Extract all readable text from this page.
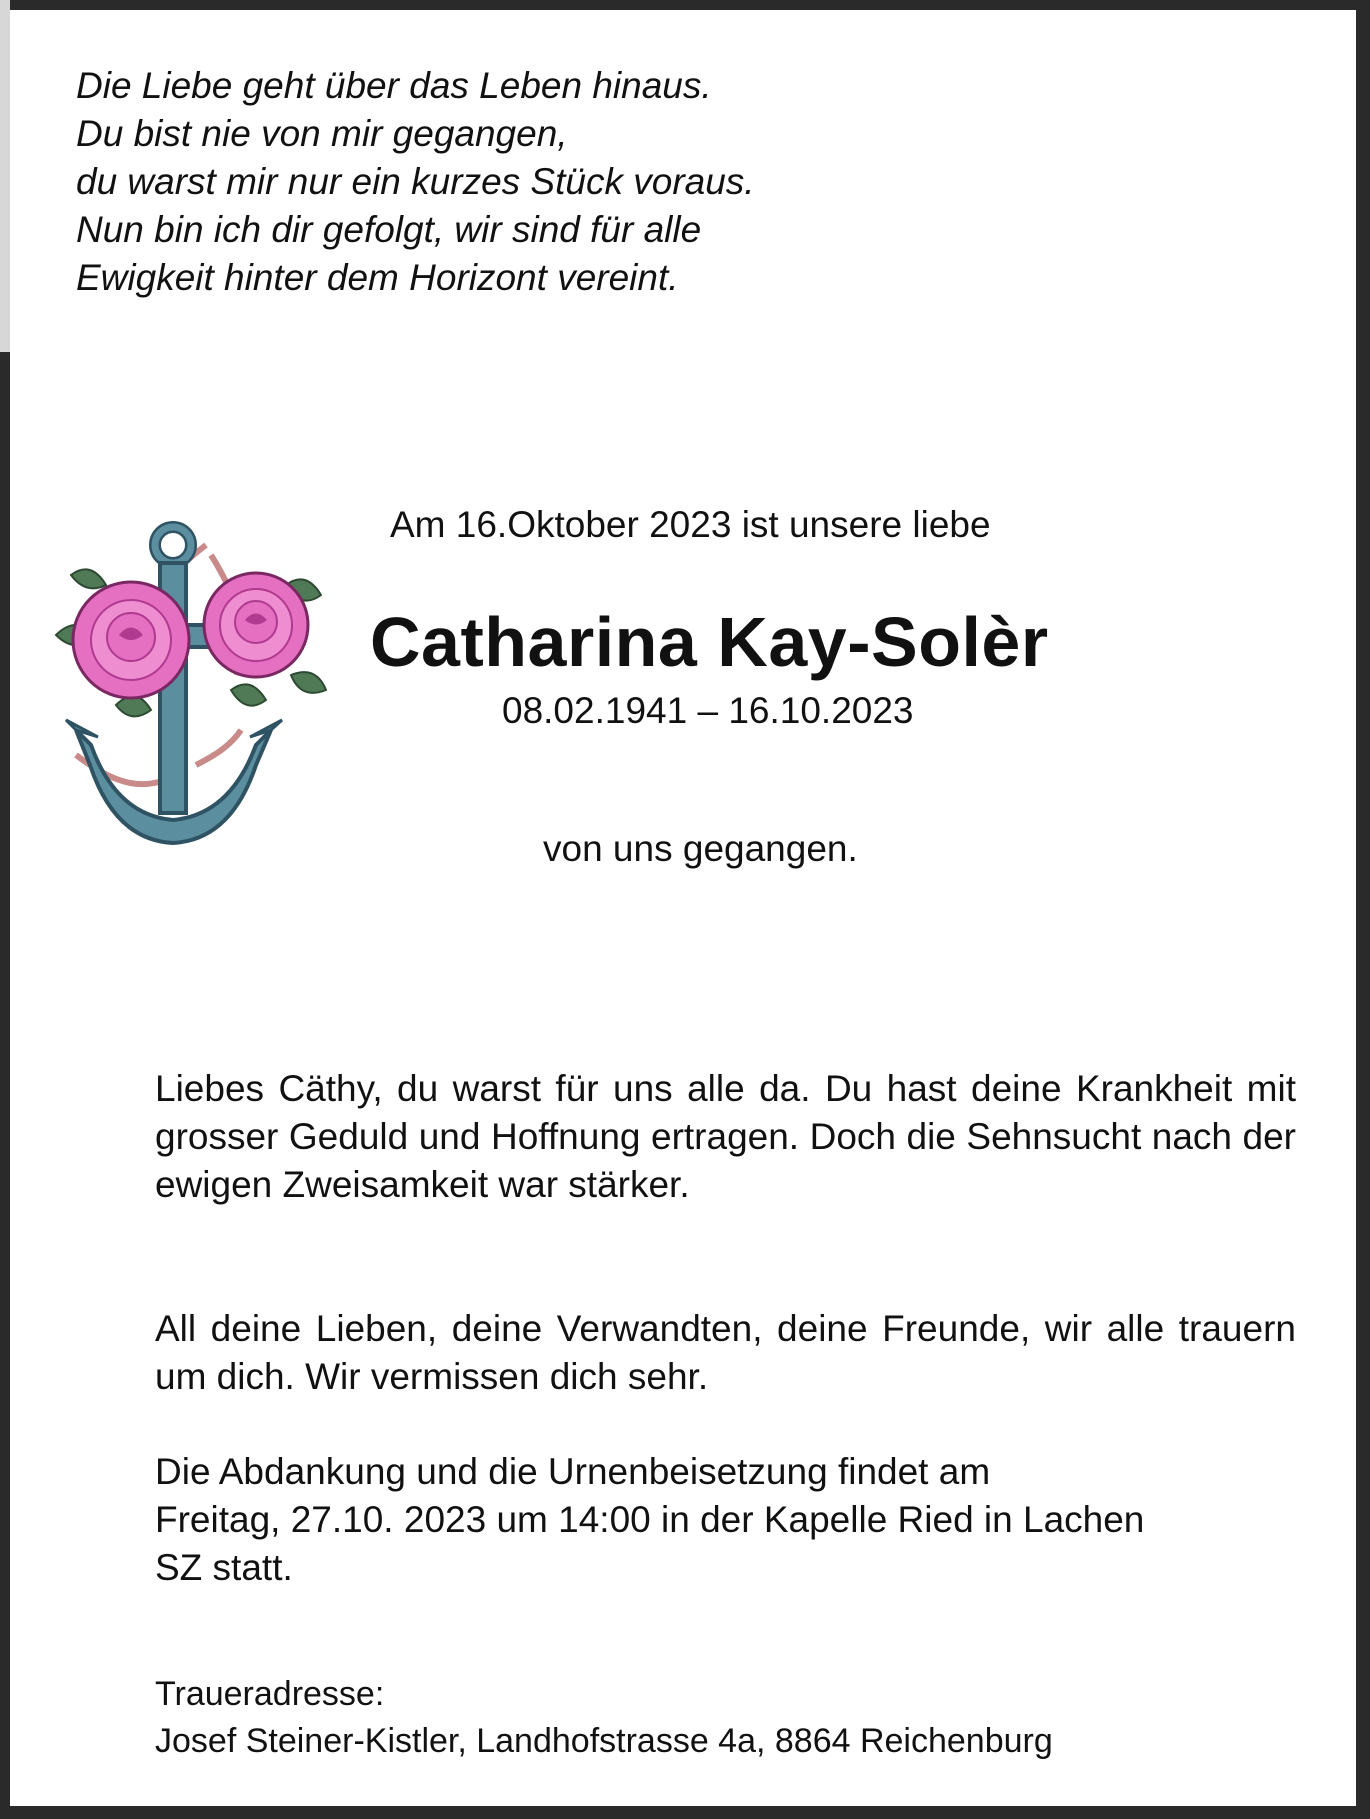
Die Liebe geht über das Leben hinaus.
Du bist nie von mir gegangen,
du warst mir nur ein kurzes Stück voraus.
Nun bin ich dir gefolgt, wir sind für alle
Ewigkeit hinter dem Horizont vereint.
Am 16.Oktober 2023 ist unsere liebe
Catharina Kay-Solèr
08.02.1941 – 16.10.2023
von uns gegangen.
Liebes Cäthy, du warst für uns alle da. Du hast deine Krankheit mit grosser Geduld und Hoffnung ertragen. Doch die Sehnsucht nach der ewigen Zweisamkeit war stärker.
All deine Lieben, deine Verwandten, deine Freunde, wir alle trauern um dich. Wir vermissen dich sehr.
Die Abdankung und die Urnenbeisetzung findet am
Freitag, 27.10. 2023 um 14:00 in der Kapelle Ried in Lachen
SZ statt.
Traueradresse:
Josef Steiner-Kistler, Landhofstrasse 4a, 8864 Reichenburg
